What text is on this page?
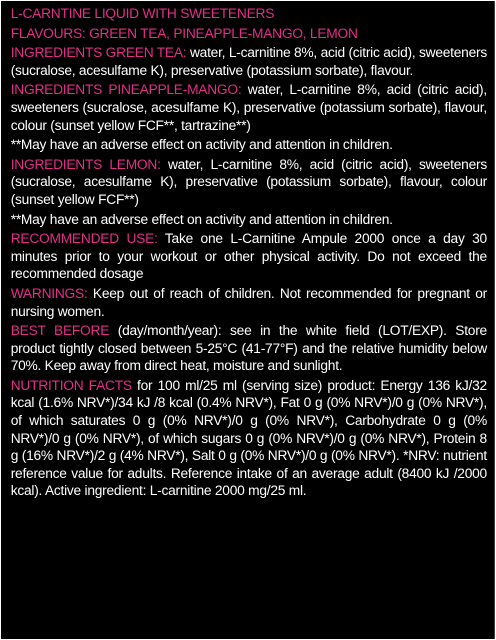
L-CARNTINE LIQUID WITH SWEETENERS
FLAVOURS: GREEN TEA, PINEAPPLE-MANGO, LEMON
INGREDIENTS GREEN TEA: water, L-carnitine 8%, acid (citric acid), sweeteners (sucralose, acesulfame K), preservative (potassium sorbate), flavour.
INGREDIENTS PINEAPPLE-MANGO: water, L-carnitine 8%, acid (citric acid), sweeteners (sucralose, acesulfame K), preservative (potassium sorbate), flavour, colour (sunset yellow FCF**, tartrazine**)
**May have an adverse effect on activity and attention in children.
INGREDIENTS LEMON: water, L-carnitine 8%, acid (citric acid), sweeteners (sucralose, acesulfame K), preservative (potassium sorbate), flavour, colour (sunset yellow FCF**)
**May have an adverse effect on activity and attention in children.
RECOMMENDED USE: Take one L-Carnitine Ampule 2000 once a day 30 minutes prior to your workout or other physical activity. Do not exceed the recommended dosage
WARNINGS: Keep out of reach of children. Not recommended for pregnant or nursing women.
BEST BEFORE (day/month/year): see in the white field (LOT/EXP). Store product tightly closed between 5-25°C (41-77°F) and the relative humidity below 70%. Keep away from direct heat, moisture and sunlight.
NUTRITION FACTS for 100 ml/25 ml (serving size) product: Energy 136 kJ/32 kcal (1.6% NRV*)/34 kJ /8 kcal (0.4% NRV*), Fat 0 g (0% NRV*)/0 g (0% NRV*), of which saturates 0 g (0% NRV*)/0 g (0% NRV*), Carbohydrate 0 g (0% NRV*)/0 g (0% NRV*), of which sugars 0 g (0% NRV*)/0 g (0% NRV*), Protein 8 g (16% NRV*)/2 g (4% NRV*), Salt 0 g (0% NRV*)/0 g (0% NRV*). *NRV: nutrient reference value for adults. Reference intake of an average adult (8400 kJ /2000 kcal). Active ingredient: L-carnitine 2000 mg/25 ml.
